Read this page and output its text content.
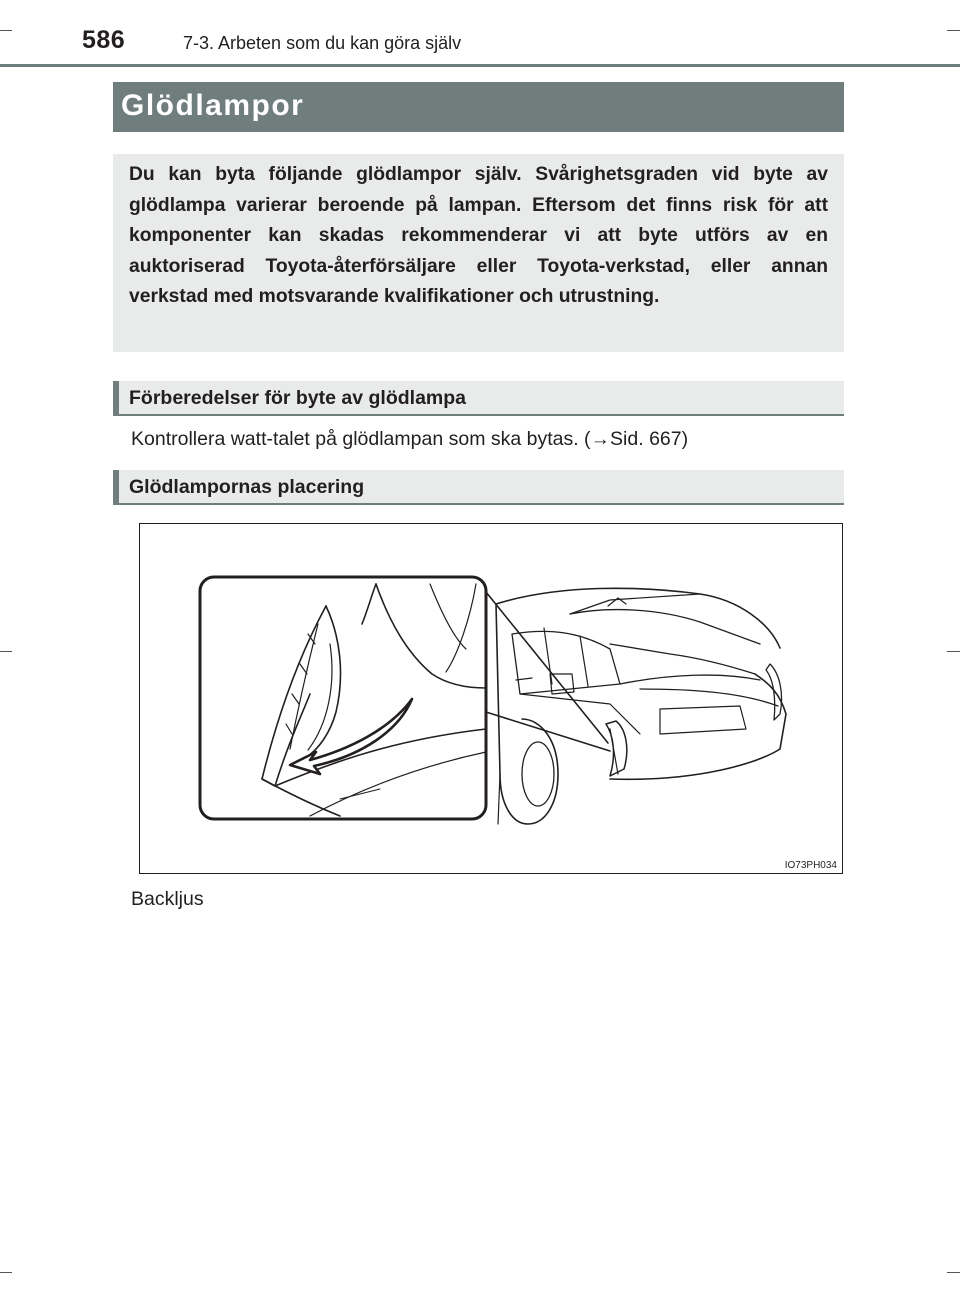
586	7-3. Arbeten som du kan göra själv
Glödlampor

Du kan byta följande glödlampor själv. Svårighetsgraden vid byte av glödlampa varierar beroende på lampan. Eftersom det finns risk för att komponenter kan skadas rekommenderar vi att byte utförs av en auktoriserad Toyota-återförsäljare eller Toyota-verkstad, eller annan verkstad med motsvarande kvalifikationer och utrustning.

Förberedelser för byte av glödlampa
Kontrollera watt-talet på glödlampan som ska bytas. (→Sid. 667)
Glödlampornas placering
IO73PH034
Backljus
